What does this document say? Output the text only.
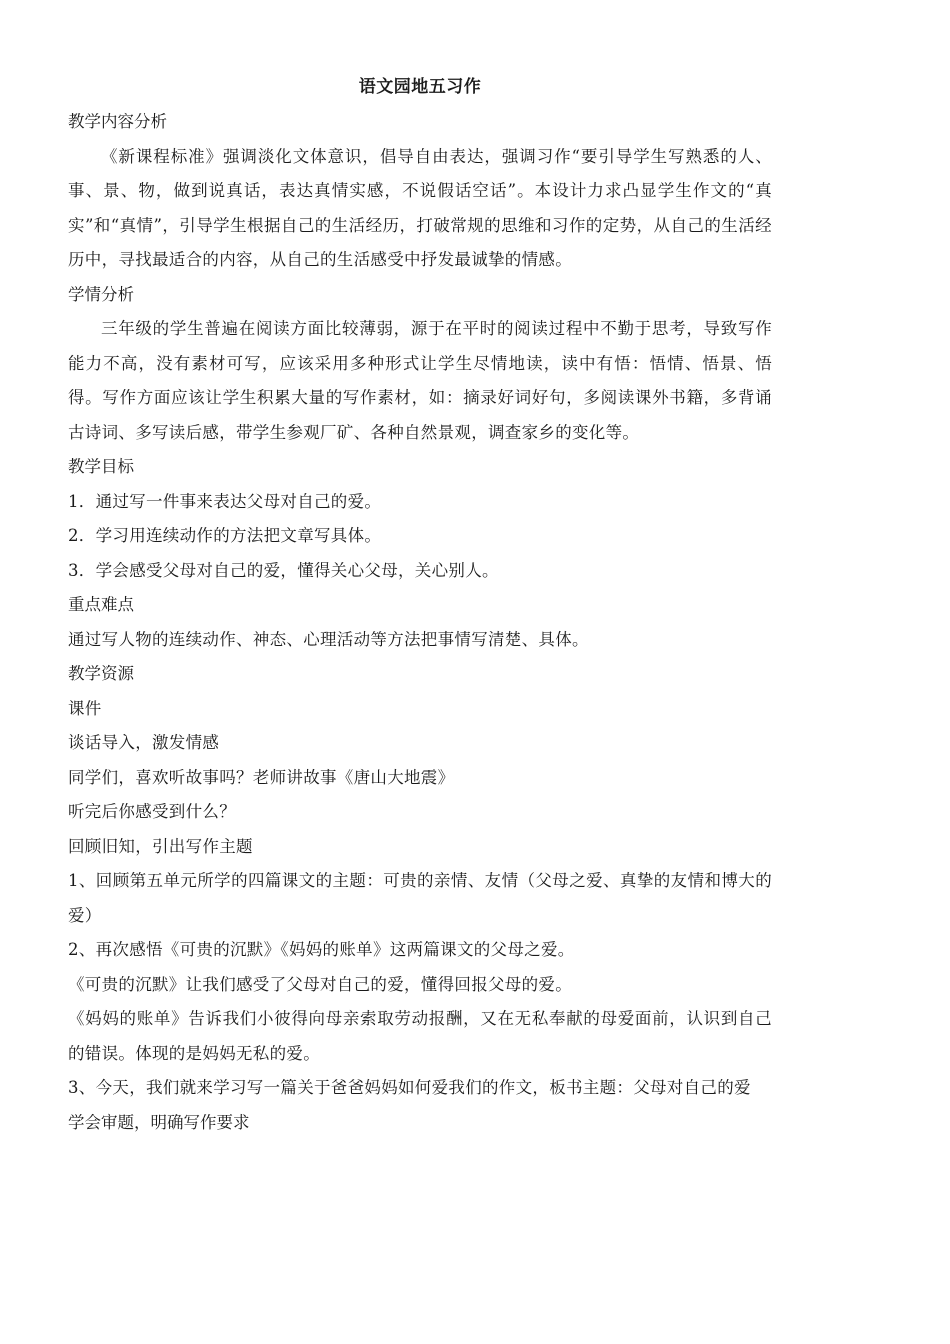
语文园地五习作
教学内容分析
《新课程标准》强调淡化文体意识，倡导自由表达，强调习作“要引导学生写熟悉的人、事、景、物，做到说真话，表达真情实感，不说假话空话”。本设计力求凸显学生作文的“真实”和“真情”，引导学生根据自己的生活经历，打破常规的思维和习作的定势，从自己的生活经历中，寻找最适合的内容，从自己的生活感受中抒发最诚挚的情感。
学情分析
三年级的学生普遍在阅读方面比较薄弱，源于在平时的阅读过程中不勤于思考，导致写作能力不高，没有素材可写，应该采用多种形式让学生尽情地读，读中有悟：悟情、悟景、悟得。写作方面应该让学生积累大量的写作素材，如：摘录好词好句，多阅读课外书籍，多背诵古诗词、多写读后感，带学生参观厂矿、各种自然景观，调查家乡的变化等。
教学目标
1．通过写一件事来表达父母对自己的爱。
2．学习用连续动作的方法把文章写具体。
3．学会感受父母对自己的爱，懂得关心父母，关心别人。
重点难点
通过写人物的连续动作、神态、心理活动等方法把事情写清楚、具体。
教学资源
课件
谈话导入，激发情感
同学们，喜欢听故事吗？老师讲故事《唐山大地震》
听完后你感受到什么？
回顾旧知，引出写作主题
1、回顾第五单元所学的四篇课文的主题：可贵的亲情、友情（父母之爱、真挚的友情和博大的爱）
2、再次感悟《可贵的沉默》《妈妈的账单》这两篇课文的父母之爱。
《可贵的沉默》让我们感受了父母对自己的爱，懂得回报父母的爱。
《妈妈的账单》告诉我们小彼得向母亲索取劳动报酬，又在无私奉献的母爱面前，认识到自己的错误。体现的是妈妈无私的爱。
3、今天，我们就来学习写一篇关于爸爸妈妈如何爱我们的作文，板书主题：父母对自己的爱
学会审题，明确写作要求
